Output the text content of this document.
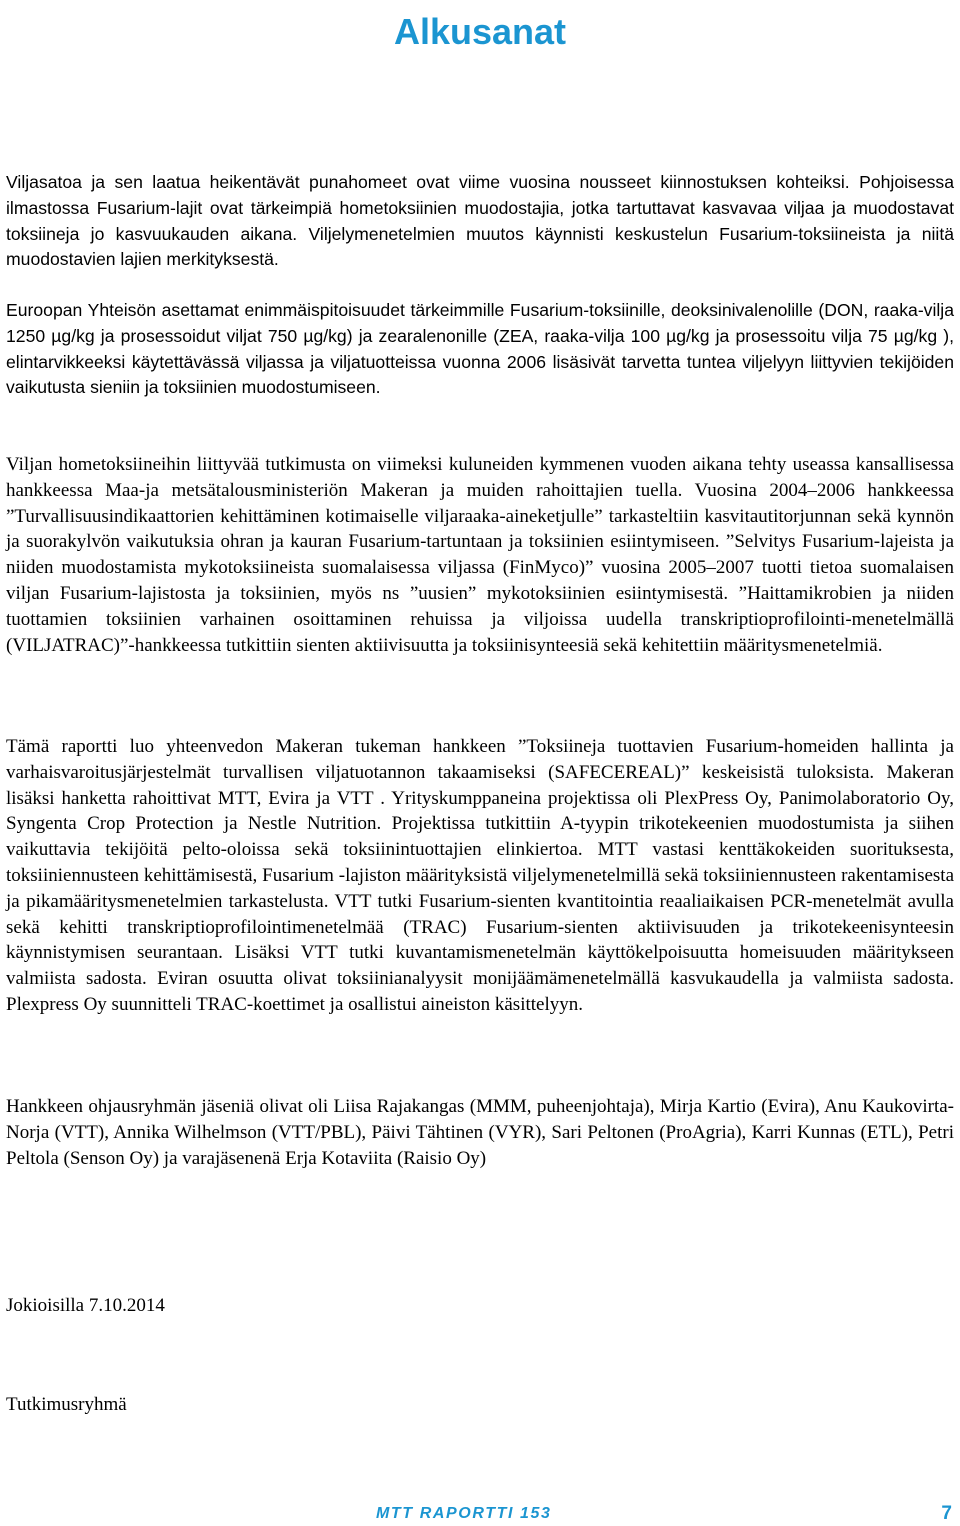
Alkusanat

Viljasatoa ja sen laatua heikentävät punahomeet ovat viime vuosina nousseet kiinnostuksen kohteiksi. Pohjoisessa ilmastossa Fusarium-lajit ovat tärkeimpiä hometoksiinien muodostajia, jotka tartuttavat kasvavaa viljaa ja muodostavat toksiineja jo kasvuukauden aikana. Viljelymenetelmien muutos käynnisti keskustelun Fusarium-toksiineista ja niitä muodostavien lajien merkityksestä.

Euroopan Yhteisön asettamat enimmäispitoisuudet tärkeimmille Fusarium-toksiinille, deoksinivalenolille (DON, raaka-vilja 1250 µg/kg ja prosessoidut viljat 750 µg/kg) ja zearalenonille (ZEA, raaka-vilja 100 µg/kg ja prosessoitu vilja 75 µg/kg ), elintarvikkeeksi käytettävässä viljassa ja viljatuotteissa vuonna 2006 lisäsivät tarvetta tuntea viljelyyn liittyvien tekijöiden vaikutusta sieniin ja toksiinien muodostumiseen.

Viljan hometoksiineihin liittyvää tutkimusta on viimeksi kuluneiden kymmenen vuoden aikana tehty useassa kansallisessa hankkeessa Maa-ja metsätalousministeriön Makeran ja muiden rahoittajien tuella. Vuosina 2004–2006 hankkeessa ”Turvallisuusindikaattorien kehittäminen kotimaiselle viljaraaka-aineketjulle” tarkasteltiin kasvitautitorjunnan sekä kynnön ja suorakylvön vaikutuksia ohran ja kauran Fusarium-tartuntaan ja toksiinien esiintymiseen. ”Selvitys Fusarium-lajeista ja niiden muodostamista mykotoksiineista suomalaisessa viljassa (FinMyco)” vuosina 2005–2007 tuotti tietoa suomalaisen viljan Fusarium-lajistosta ja toksiinien, myös ns ”uusien” mykotoksiinien esiintymisestä. ”Haittamikrobien ja niiden tuottamien toksiinien varhainen osoittaminen rehuissa ja viljoissa uudella transkriptioprofilointi-menetelmällä (VILJATRAC)”-hankkeessa tutkittiin sienten aktiivisuutta ja toksiinisynteesiä sekä kehitettiin määritysmenetelmiä.

Tämä raportti luo yhteenvedon Makeran tukeman hankkeen ”Toksiineja tuottavien Fusarium-homeiden hallinta ja varhaisvaroitusjärjestelmät turvallisen viljatuotannon takaamiseksi (SAFECEREAL)” keskeisistä tuloksista. Makeran lisäksi hanketta rahoittivat MTT, Evira ja VTT . Yrityskumppaneina projektissa oli PlexPress Oy, Panimolaboratorio Oy, Syngenta Crop Protection ja Nestle Nutrition. Projektissa tutkittiin A-tyypin trikotekeenien muodostumista ja siihen vaikuttavia tekijöitä pelto-oloissa sekä toksiinintuottajien elinkiertoa. MTT vastasi kenttäkokeiden suorituksesta, toksiiniennusteen kehittämisestä, Fusarium -lajiston määrityksistä viljelymenetelmillä sekä toksiiniennusteen rakentamisesta ja pikamääritysmenetelmien tarkastelusta. VTT tutki Fusarium-sienten kvantitointia reaaliaikaisen PCR-menetelmät avulla sekä kehitti transkriptioprofilointimenetelmää (TRAC) Fusarium-sienten aktiivisuuden ja trikotekeenisynteesin käynnistymisen seurantaan. Lisäksi VTT tutki kuvantamismenetelmän käyttökelpoisuutta homeisuuden määritykseen valmiista sadosta. Eviran osuutta olivat toksiinianalyysit monijäämämenetelmällä kasvukaudella ja valmiista sadosta. Plexpress Oy suunnitteli TRAC-koettimet ja osallistui aineiston käsittelyyn.

Hankkeen ohjausryhmän jäseniä olivat oli Liisa Rajakangas (MMM, puheenjohtaja), Mirja Kartio (Evira), Anu Kaukovirta-Norja (VTT), Annika Wilhelmson (VTT/PBL), Päivi Tähtinen (VYR), Sari Peltonen (ProAgria), Karri Kunnas (ETL), Petri Peltola (Senson Oy) ja varajäsenenä Erja Kotaviita (Raisio Oy)

Jokioisilla 7.10.2014

Tutkimusryhmä

MTT RAPORTTI 153	7
